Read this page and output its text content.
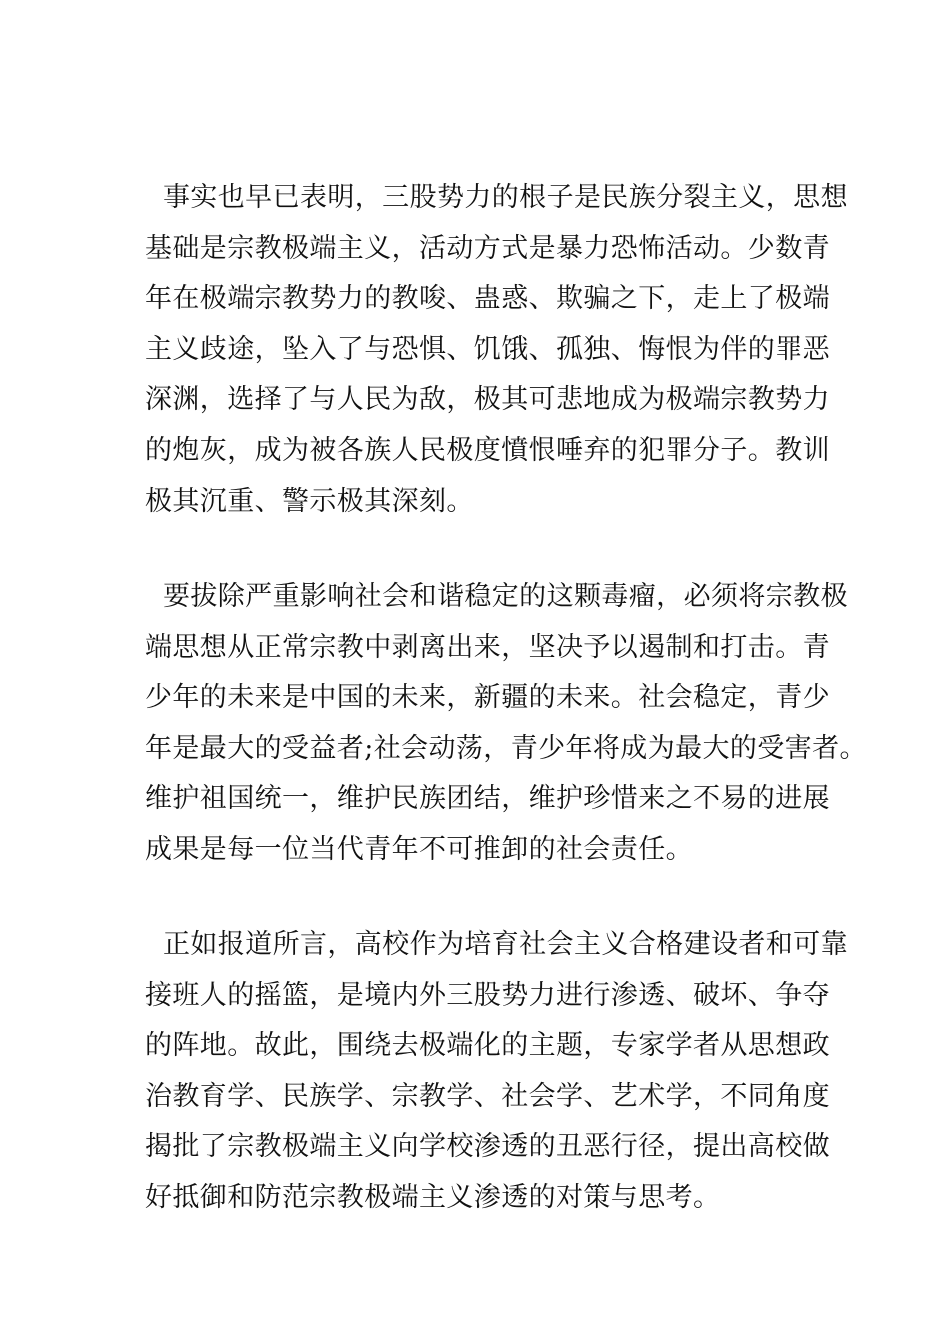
事实也早已表明，三股势力的根子是民族分裂主义，思想
基础是宗教极端主义，活动方式是暴力恐怖活动。少数青
年在极端宗教势力的教唆、蛊惑、欺骗之下，走上了极端
主义歧途，坠入了与恐惧、饥饿、孤独、悔恨为伴的罪恶
深渊，选择了与人民为敌，极其可悲地成为极端宗教势力
的炮灰，成为被各族人民极度憤恨唾弃的犯罪分子。教训
极其沉重、警示极其深刻。
要拔除严重影响社会和谐稳定的这颗毒瘤，必须将宗教极
端思想从正常宗教中剥离出来，坚决予以遏制和打击。青
少年的未来是中国的未来，新疆的未来。社会稳定，青少
年是最大的受益者;社会动荡，青少年将成为最大的受害者。
维护祖国统一，维护民族团结，维护珍惜来之不易的进展
成果是每一位当代青年不可推卸的社会责任。
正如报道所言，高校作为培育社会主义合格建设者和可靠
接班人的摇篮，是境内外三股势力进行渗透、破坏、争夺
的阵地。故此，围绕去极端化的主题，专家学者从思想政
治教育学、民族学、宗教学、社会学、艺术学，不同角度
揭批了宗教极端主义向学校渗透的丑恶行径，提出高校做
好抵御和防范宗教极端主义渗透的对策与思考。
